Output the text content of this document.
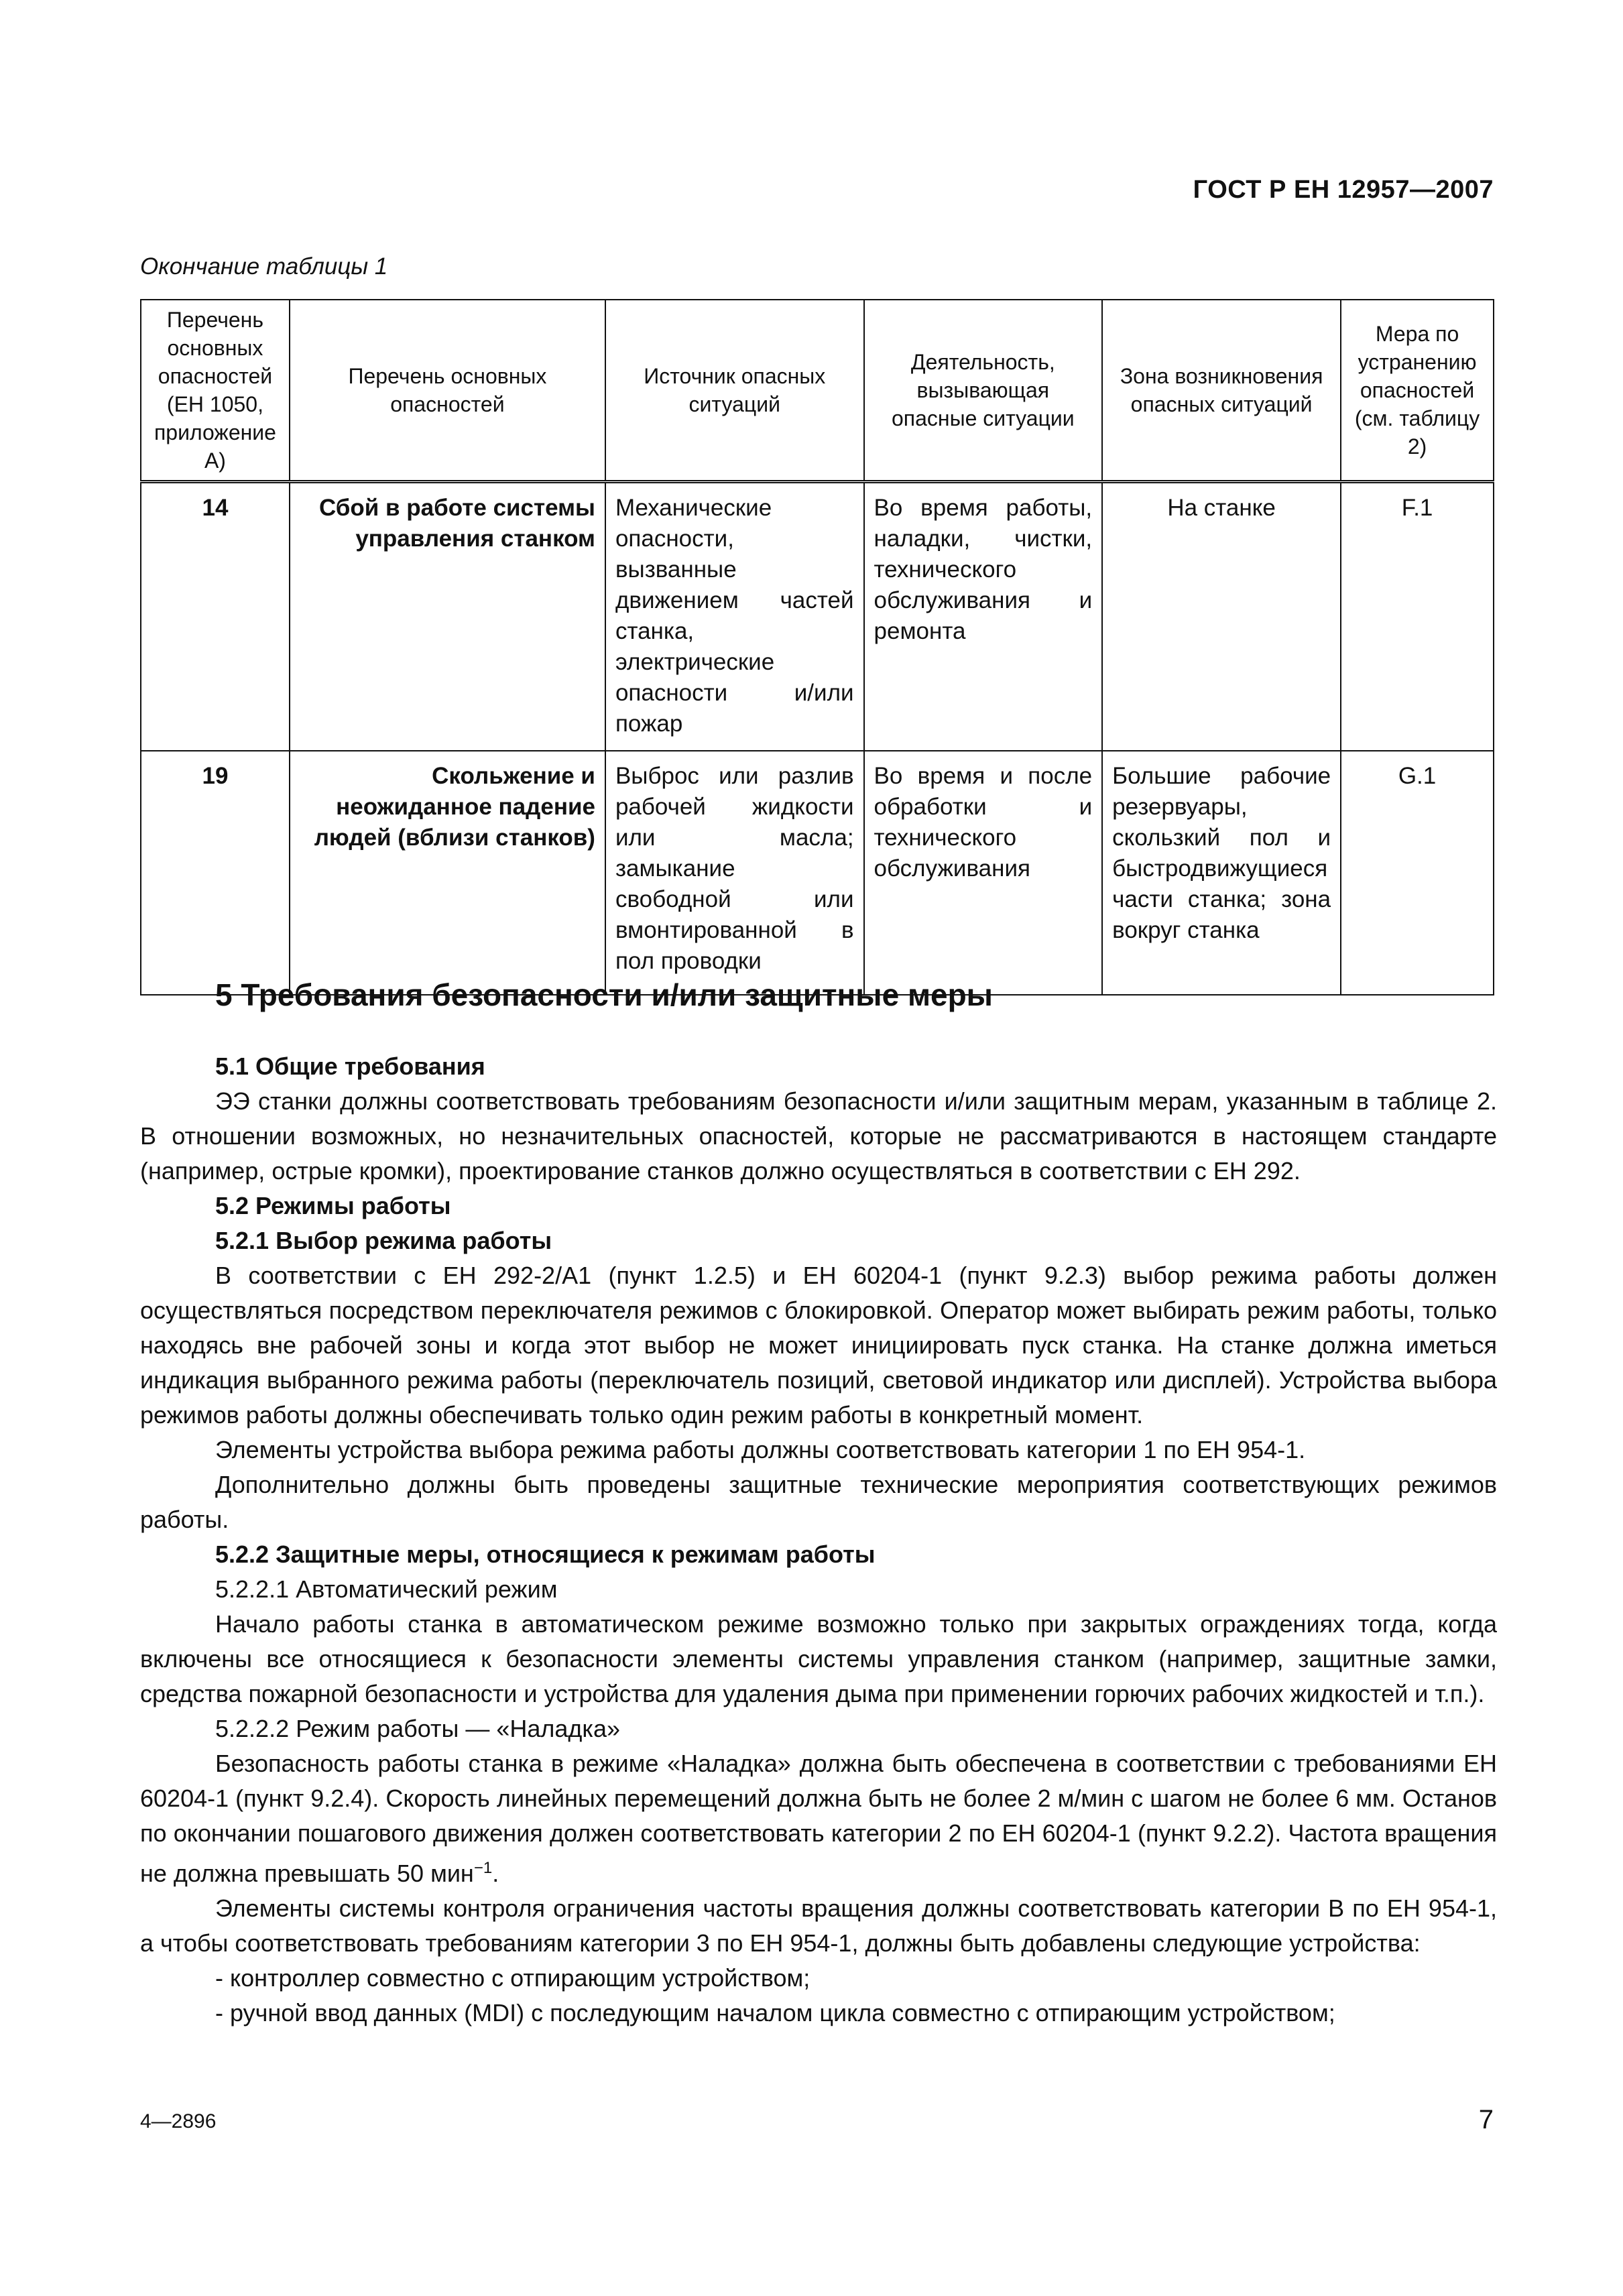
ГОСТ Р ЕН 12957—2007
Окончание таблицы 1
Перечень основных опасностей (ЕН 1050, приложение А)	Перечень основных опасностей	Источник опасных ситуаций	Деятельность, вызывающая опасные ситуации	Зона возникновения опасных ситуаций	Мера по устранению опасностей (см. таблицу 2)
14	Сбой в работе системы управления станком	Механические опасности, вызванные движением частей станка, электрические опасности и/или пожар	Во время работы, наладки, чистки, технического обслуживания и ремонта	На станке	F.1
19	Скольжение и неожиданное падение людей (вблизи станков)	Выброс или разлив рабочей жидкости или масла; замыкание свободной или вмонтированной в пол проводки	Во время и после обработки и технического обслуживания	Большие рабочие резервуары, скользкий пол и быстродвижущиеся части станка; зона вокруг станка	G.1
5 Требования безопасности и/или защитные меры
5.1 Общие требования

ЭЭ станки должны соответствовать требованиям безопасности и/или защитным мерам, указанным в таблице 2. В отношении возможных, но незначительных опасностей, которые не рассматриваются в настоящем стандарте (например, острые кромки), проектирование станков должно осуществляться в соответствии с ЕН 292.

5.2 Режимы работы
5.2.1 Выбор режима работы

В соответствии с ЕН 292-2/А1 (пункт 1.2.5) и ЕН 60204-1 (пункт 9.2.3) выбор режима работы должен осуществляться посредством переключателя режимов с блокировкой. Оператор может выбирать режим работы, только находясь вне рабочей зоны и когда этот выбор не может инициировать пуск станка. На станке должна иметься индикация выбранного режима работы (переключатель позиций, световой индикатор или дисплей). Устройства выбора режимов работы должны обеспечивать только один режим работы в конкретный момент.

Элементы устройства выбора режима работы должны соответствовать категории 1 по ЕН 954-1.

Дополнительно должны быть проведены защитные технические мероприятия соответствующих режимов работы.

5.2.2 Защитные меры, относящиеся к режимам работы

5.2.2.1 Автоматический режим

Начало работы станка в автоматическом режиме возможно только при закрытых ограждениях тогда, когда включены все относящиеся к безопасности элементы системы управления станком (например, защитные замки, средства пожарной безопасности и устройства для удаления дыма при применении горючих рабочих жидкостей и т.п.).

5.2.2.2 Режим работы — «Наладка»

Безопасность работы станка в режиме «Наладка» должна быть обеспечена в соответствии с требованиями ЕН 60204-1 (пункт 9.2.4). Скорость линейных перемещений должна быть не более 2 м/мин с шагом не более 6 мм. Останов по окончании пошагового движения должен соответствовать категории 2 по ЕН 60204-1 (пункт 9.2.2). Частота вращения не должна превышать 50 мин$^{-1}$.

Элементы системы контроля ограничения частоты вращения должны соответствовать категории В по ЕН 954-1, а чтобы соответствовать требованиям категории 3 по ЕН 954-1, должны быть добавлены следующие устройства:

- контроллер совместно с отпирающим устройством;

- ручной ввод данных (MDI) с последующим началом цикла совместно с отпирающим устройством;

4—2896	7
